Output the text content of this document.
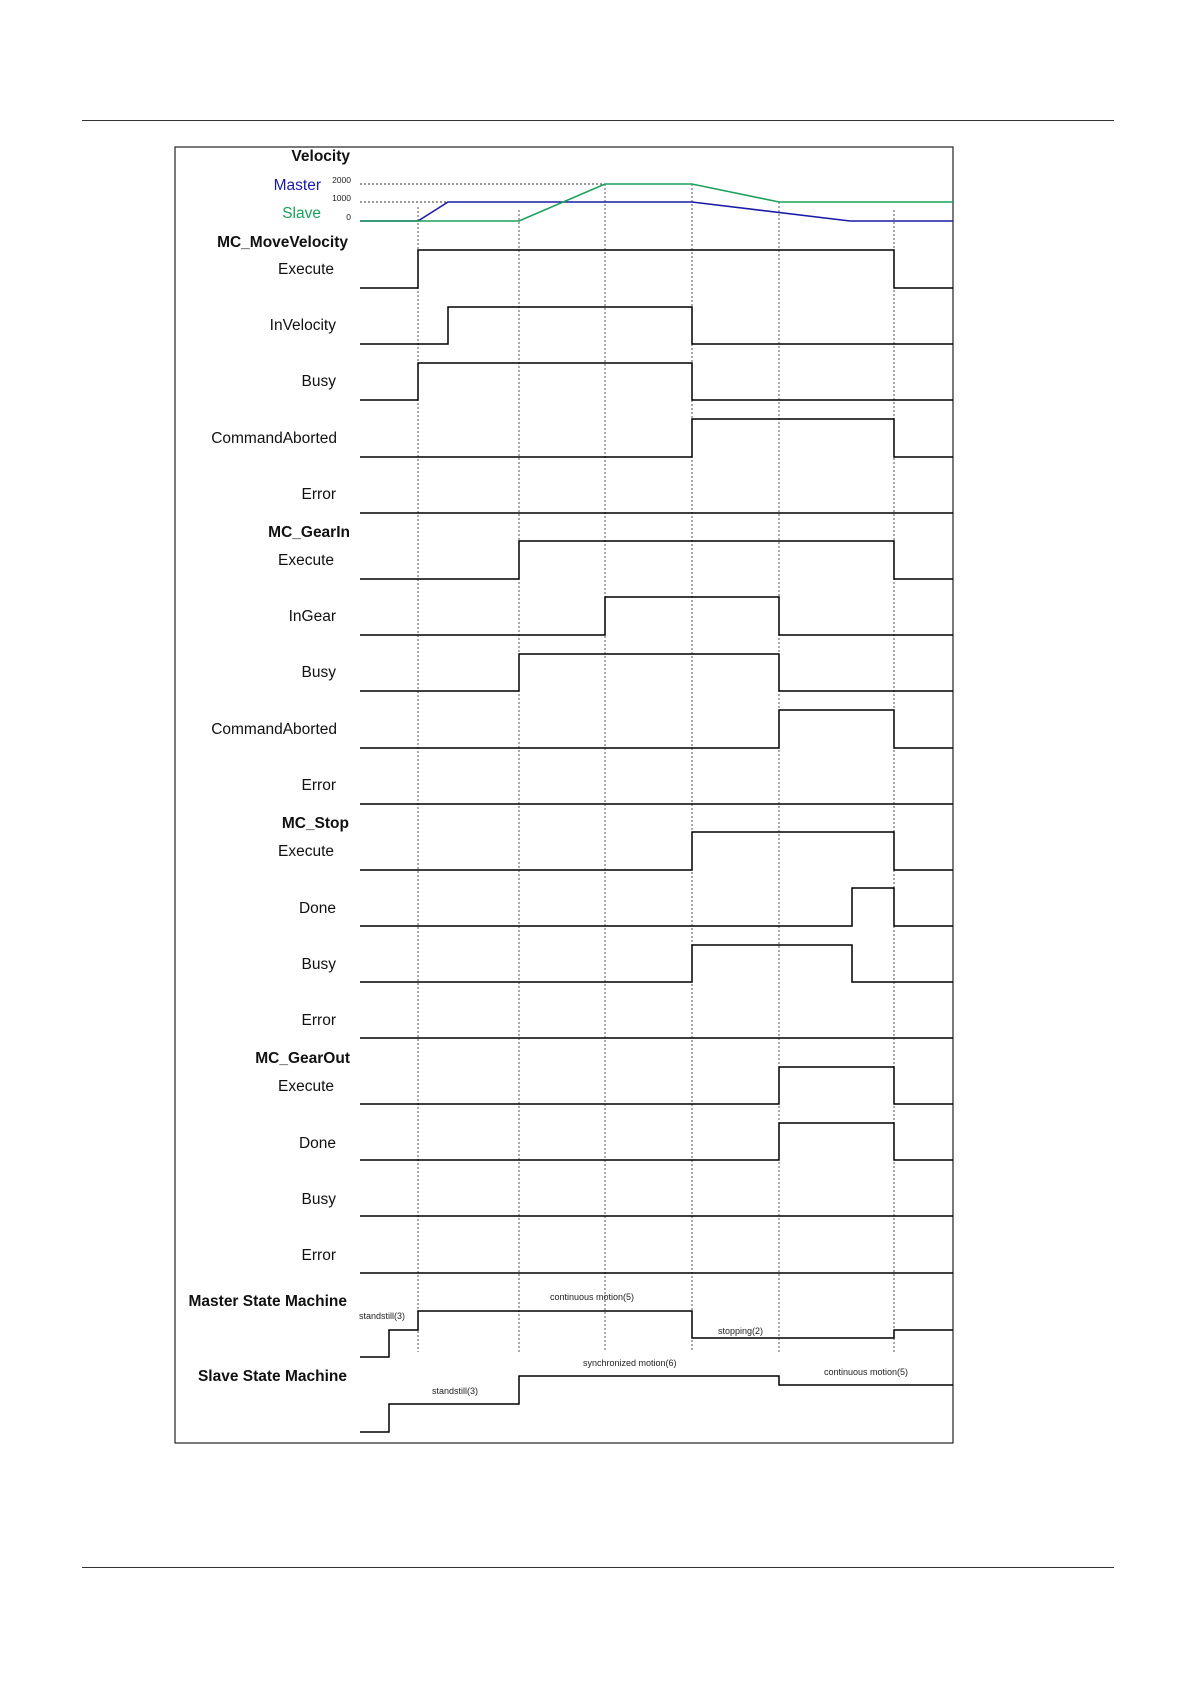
Velocity
Master
Slave
2000
1000
0
MC_MoveVelocity
MC_GearIn
MC_Stop
MC_GearOut
Execute
InVelocity
Busy
CommandAborted
Error
Execute
InGear
Busy
CommandAborted
Error
Execute
Done
Busy
Error
Execute
Done
Busy
Error
Master State Machine
Slave State Machine
standstill(3)
continuous motion(5)
stopping(2)
standstill(3)
synchronized motion(6)
continuous motion(5)
